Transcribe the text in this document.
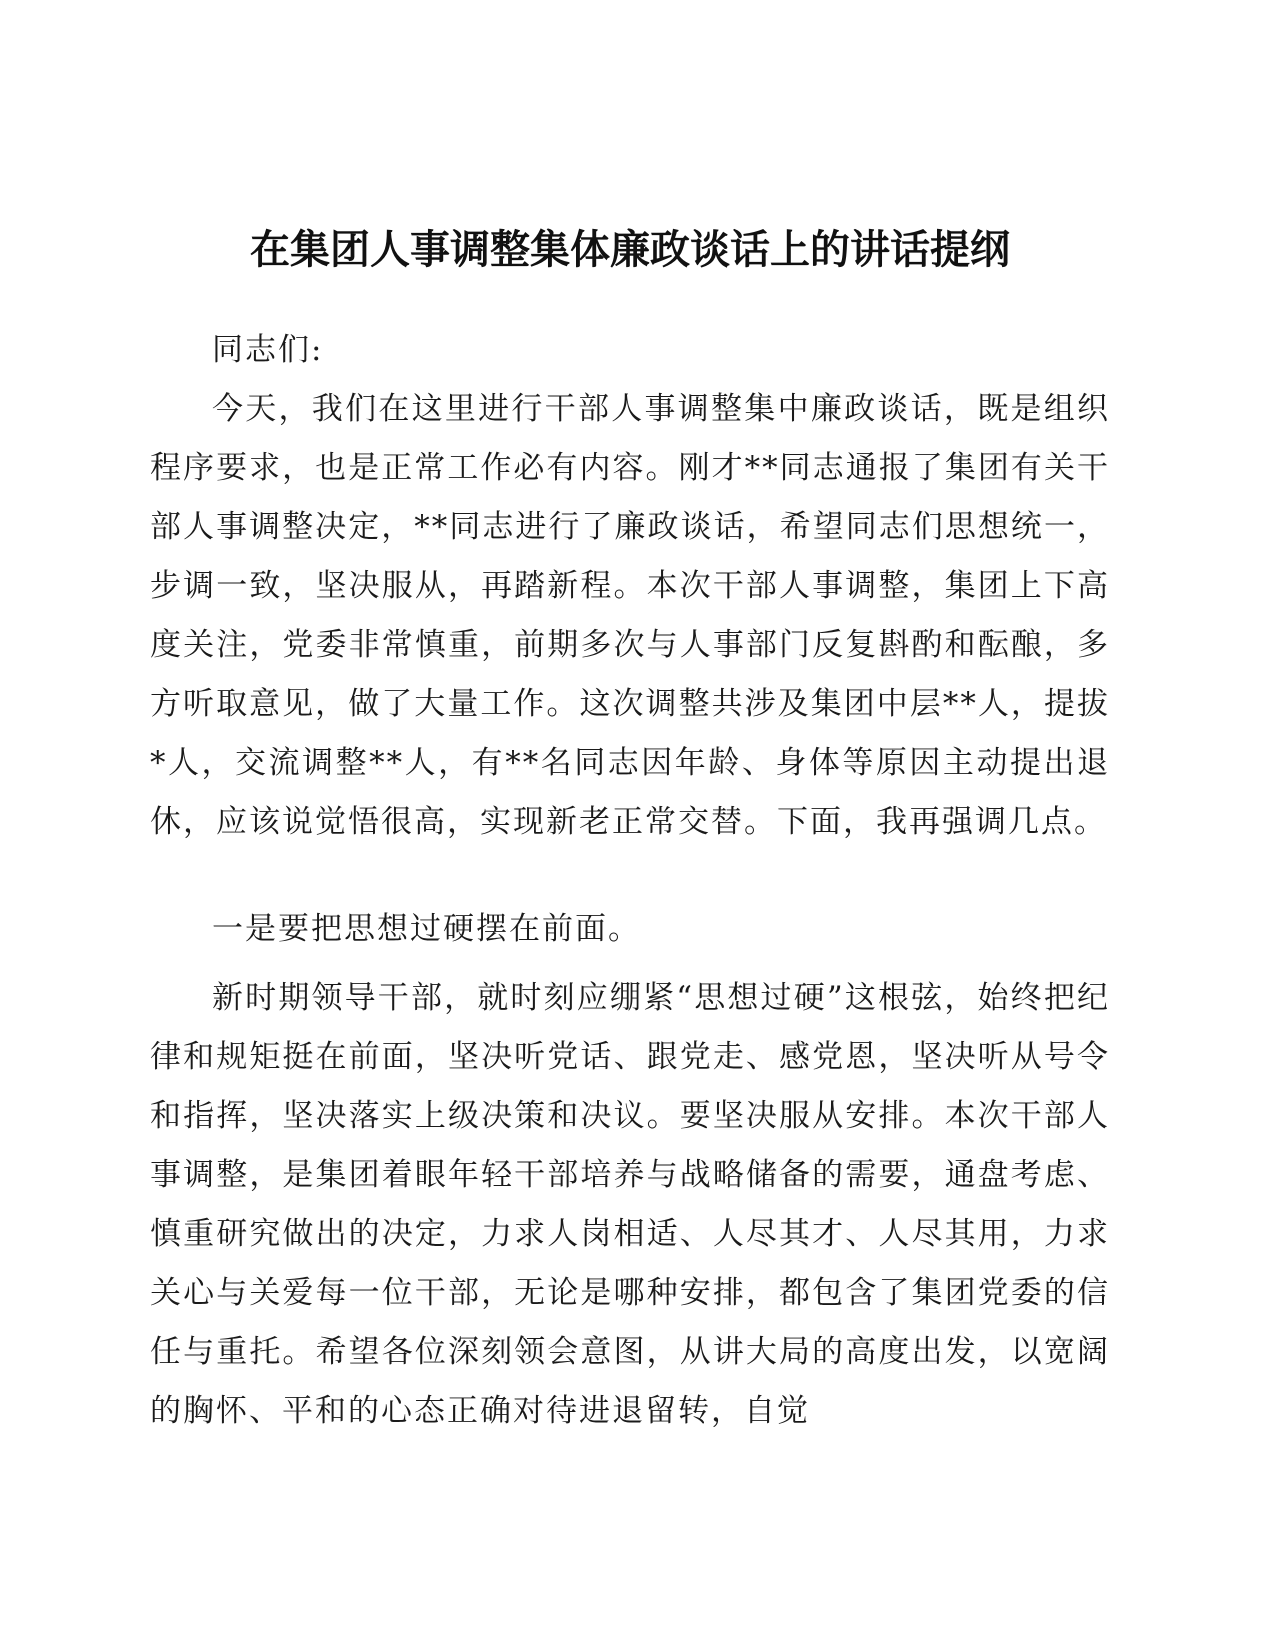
在集团人事调整集体廉政谈话上的讲话提纲

同志们:

今天，我们在这里进行干部人事调整集中廉政谈话，既是组织程序要求，也是正常工作必有内容。刚才**同志通报了集团有关干部人事调整决定，**同志进行了廉政谈话，希望同志们思想统一，步调一致，坚决服从，再踏新程。本次干部人事调整，集团上下高度关注，党委非常慎重，前期多次与人事部门反复斟酌和酝酿，多方听取意见，做了大量工作。这次调整共涉及集团中层**人，提拔*人，交流调整**人，有**名同志因年龄、身体等原因主动提出退休，应该说觉悟很高，实现新老正常交替。下面，我再强调几点。

一是要把思想过硬摆在前面。

新时期领导干部，就时刻应绷紧“思想过硬”这根弦，始终把纪律和规矩挺在前面，坚决听党话、跟党走、感党恩，坚决听从号令和指挥，坚决落实上级决策和决议。要坚决服从安排。本次干部人事调整，是集团着眼年轻干部培养与战略储备的需要，通盘考虑、慎重研究做出的决定，力求人岗相适、人尽其才、人尽其用，力求关心与关爱每一位干部，无论是哪种安排，都包含了集团党委的信任与重托。希望各位深刻领会意图，从讲大局的高度出发，以宽阔的胸怀、平和的心态正确对待进退留转，自觉
